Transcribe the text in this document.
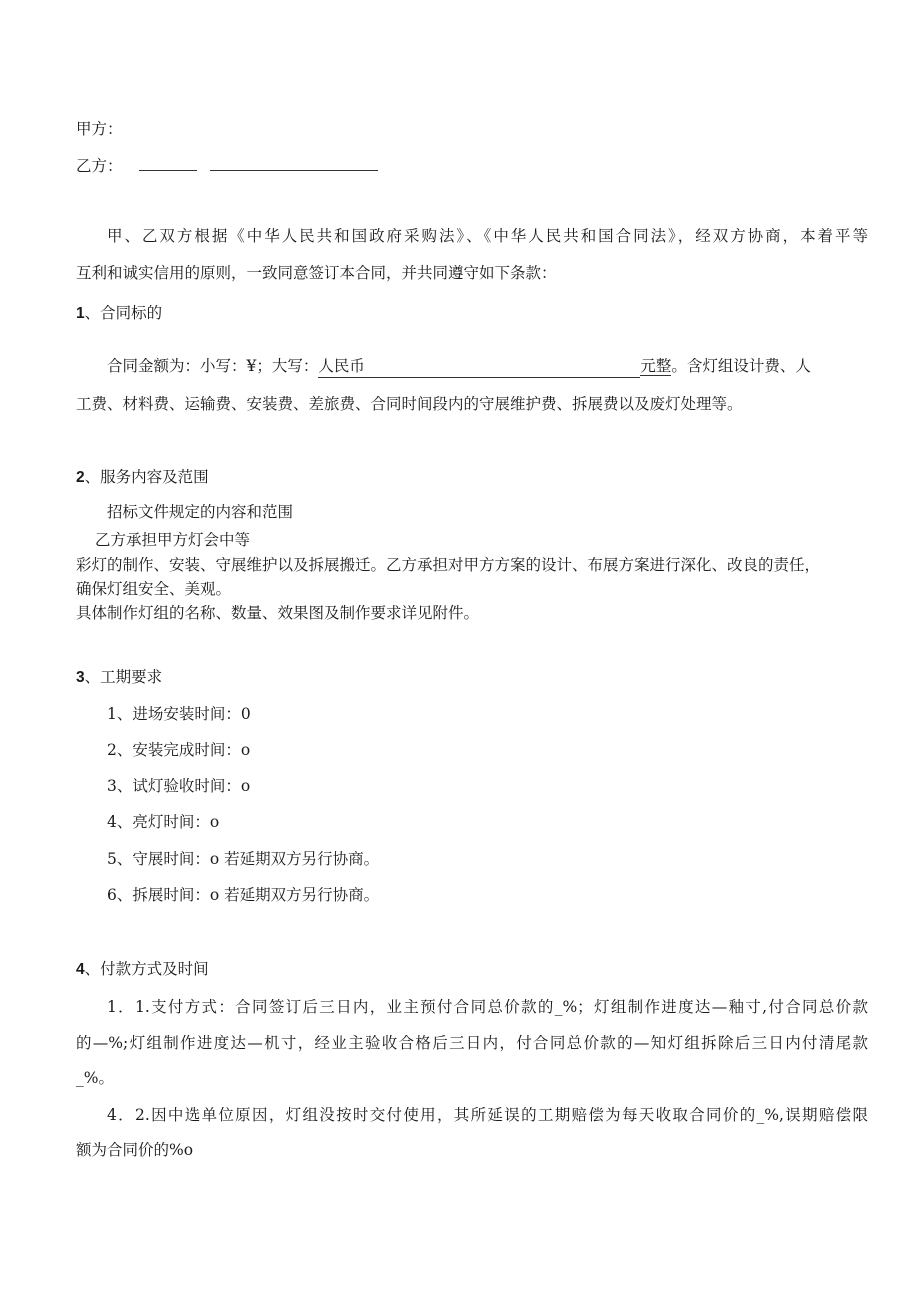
甲方：
乙方：
甲、乙双方根据《中华人民共和国政府采购法》、《中华人民共和国合同法》，经双方协商，本着平等
互利和诚实信用的原则，一致同意签订本合同，并共同遵守如下条款：
1、合同标的
合同金额为：小写：¥；大写：人民币	元整。含灯组设计费、人
工费、材料费、运输费、安装费、差旅费、合同时间段内的守展维护费、拆展费以及废灯处理等。
2、服务内容及范围
招标文件规定的内容和范围
乙方承担甲方灯会中等
彩灯的制作、安装、守展维护以及拆展搬迁。乙方承担对甲方方案的设计、布展方案进行深化、改良的责任，
确保灯组安全、美观。
具体制作灯组的名称、数量、效果图及制作要求详见附件。
3、工期要求
1、进场安装时间：0
2、安装完成时间：o
3、试灯验收时间：o
4、亮灯时间：o
5、守展时间：o 若延期双方另行协商。
6、拆展时间：o 若延期双方另行协商。
4、付款方式及时间
1．1.支付方式：合同签订后三日内，业主预付合同总价款的_%；灯组制作进度达—釉寸,付合同总价款
的—%;灯组制作进度达—机寸，经业主验收合格后三日内，付合同总价款的—知灯组拆除后三日内付清尾款
_%。
4．2.因中选单位原因，灯组没按时交付使用，其所延误的工期赔偿为每天收取合同价的_%,误期赔偿限
额为合同价的%o
